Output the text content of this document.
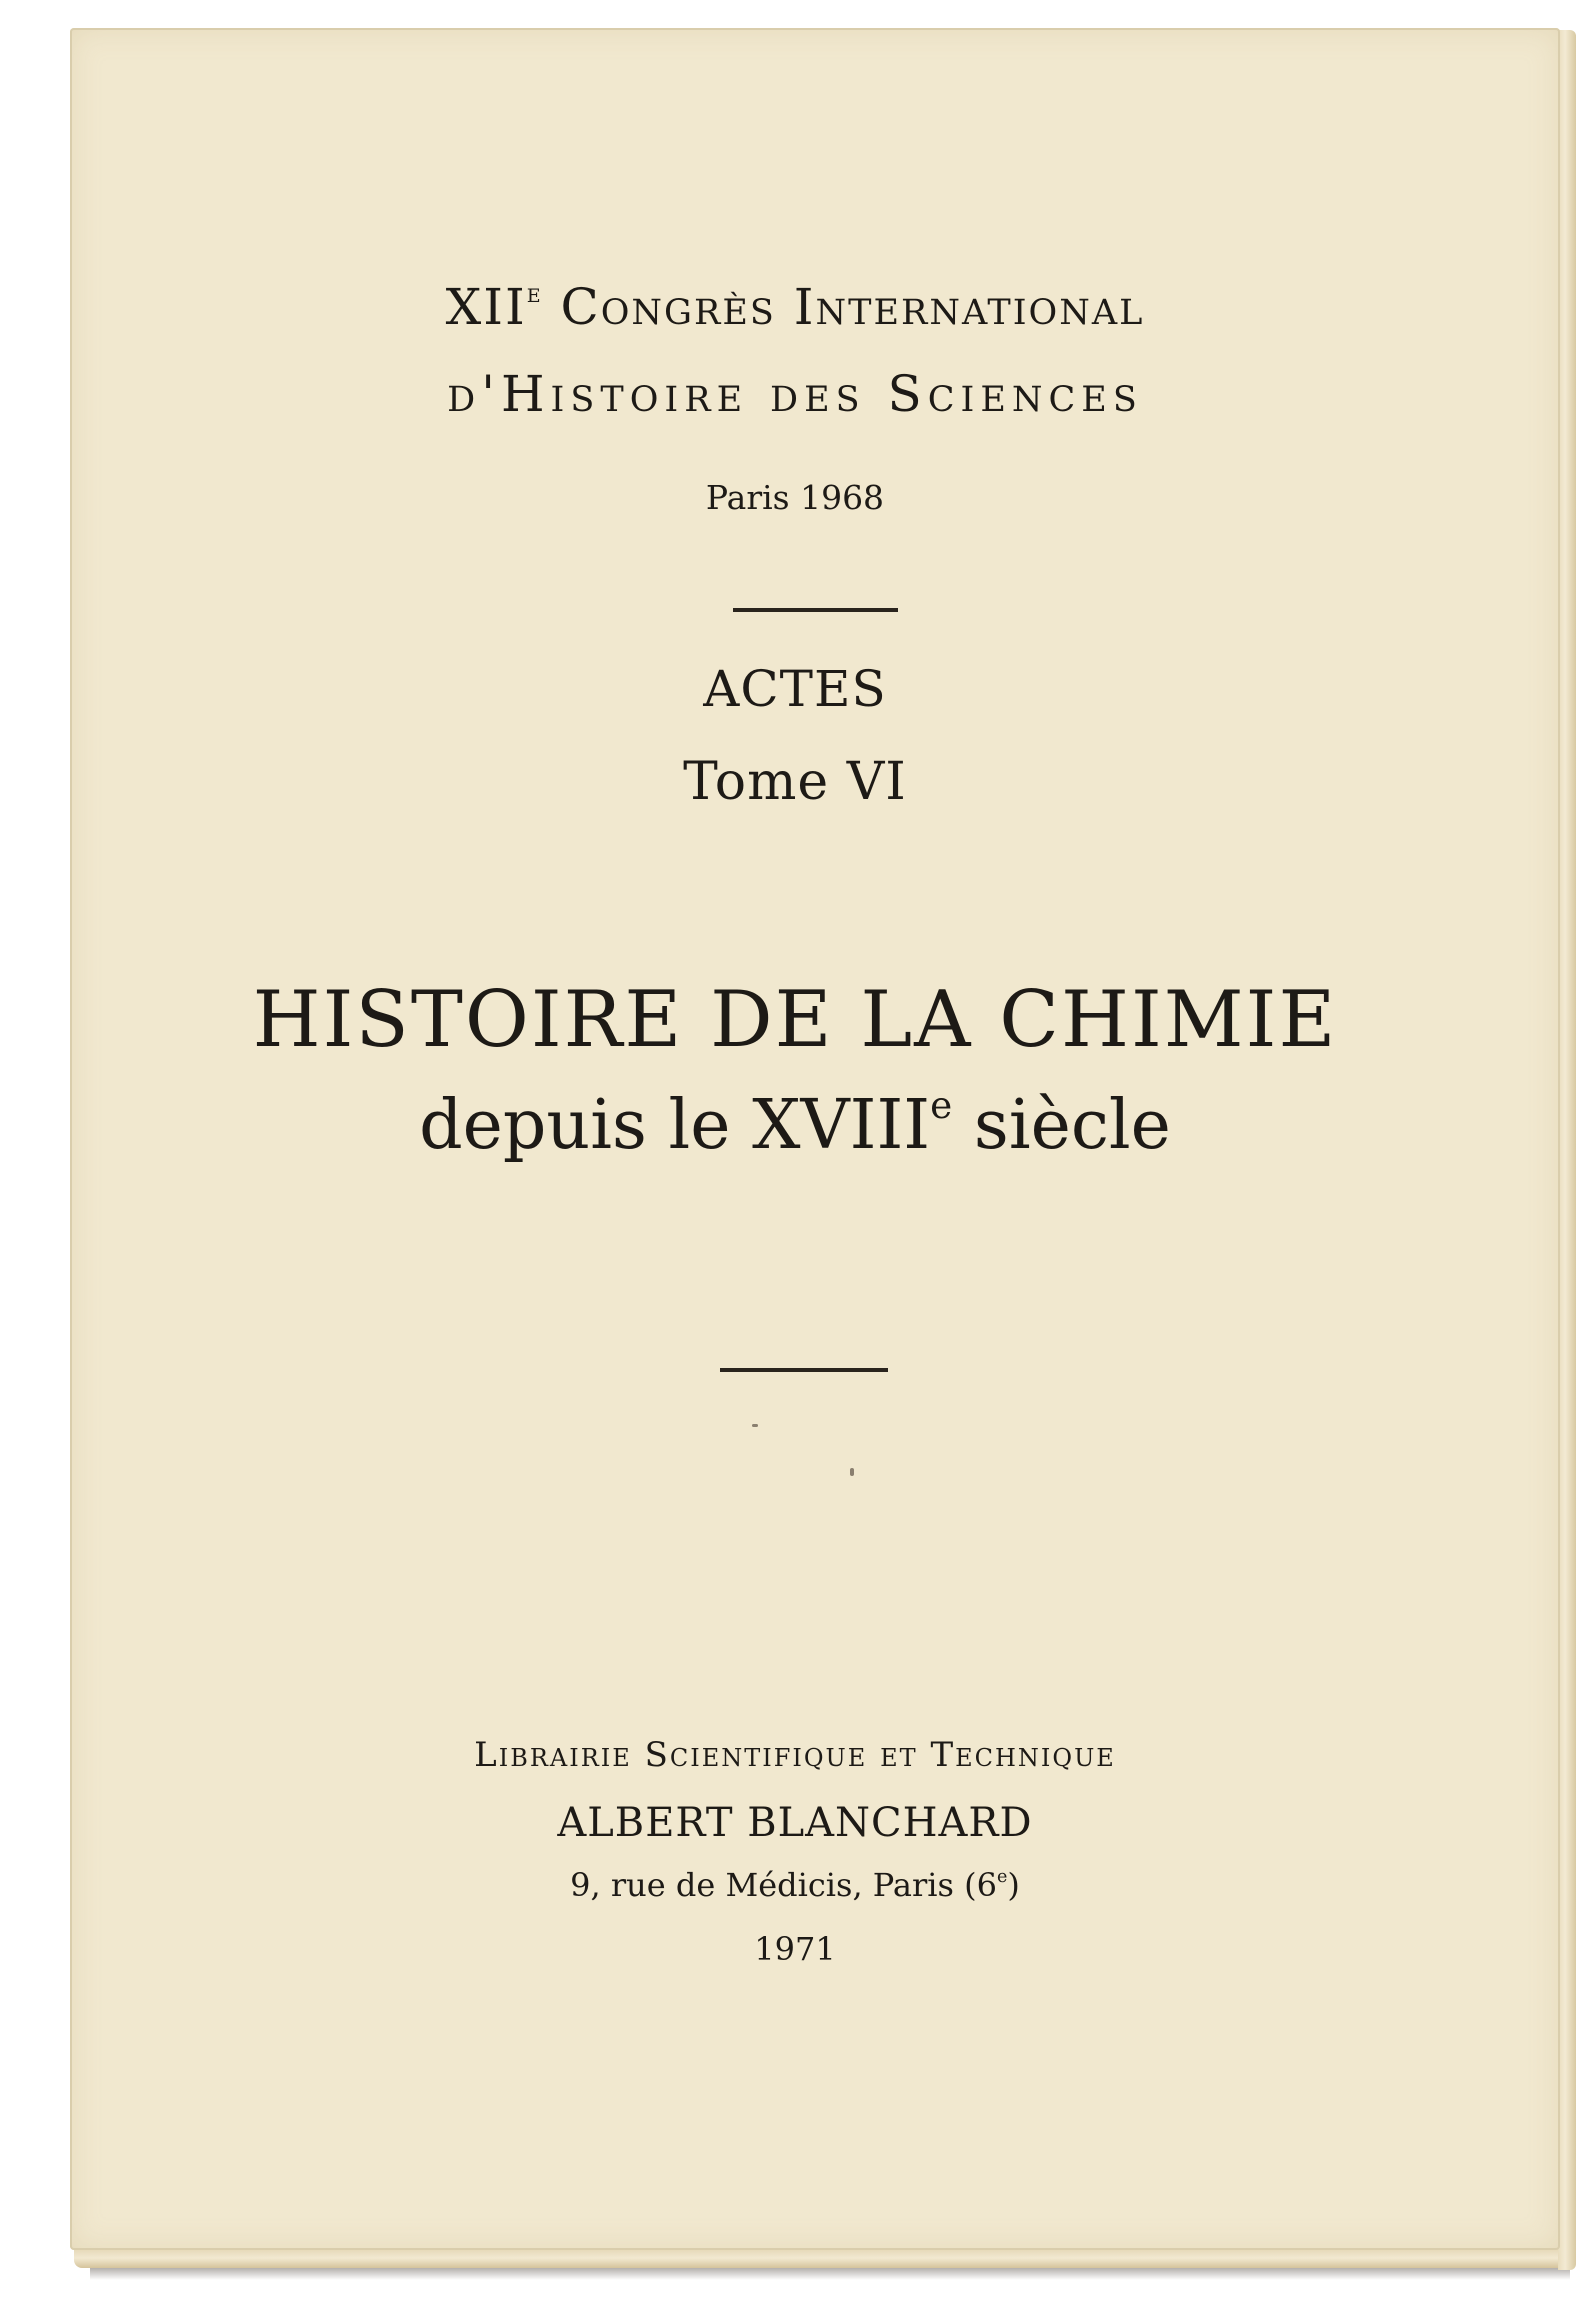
XIIe Congrès International

d'Histoire des Sciences

Paris 1968

ACTES

Tome VI

HISTOIRE DE LA CHIMIE

depuis le XVIIIe siècle

Librairie Scientifique et Technique

ALBERT BLANCHARD

9, rue de Médicis, Paris (6e)

1971
